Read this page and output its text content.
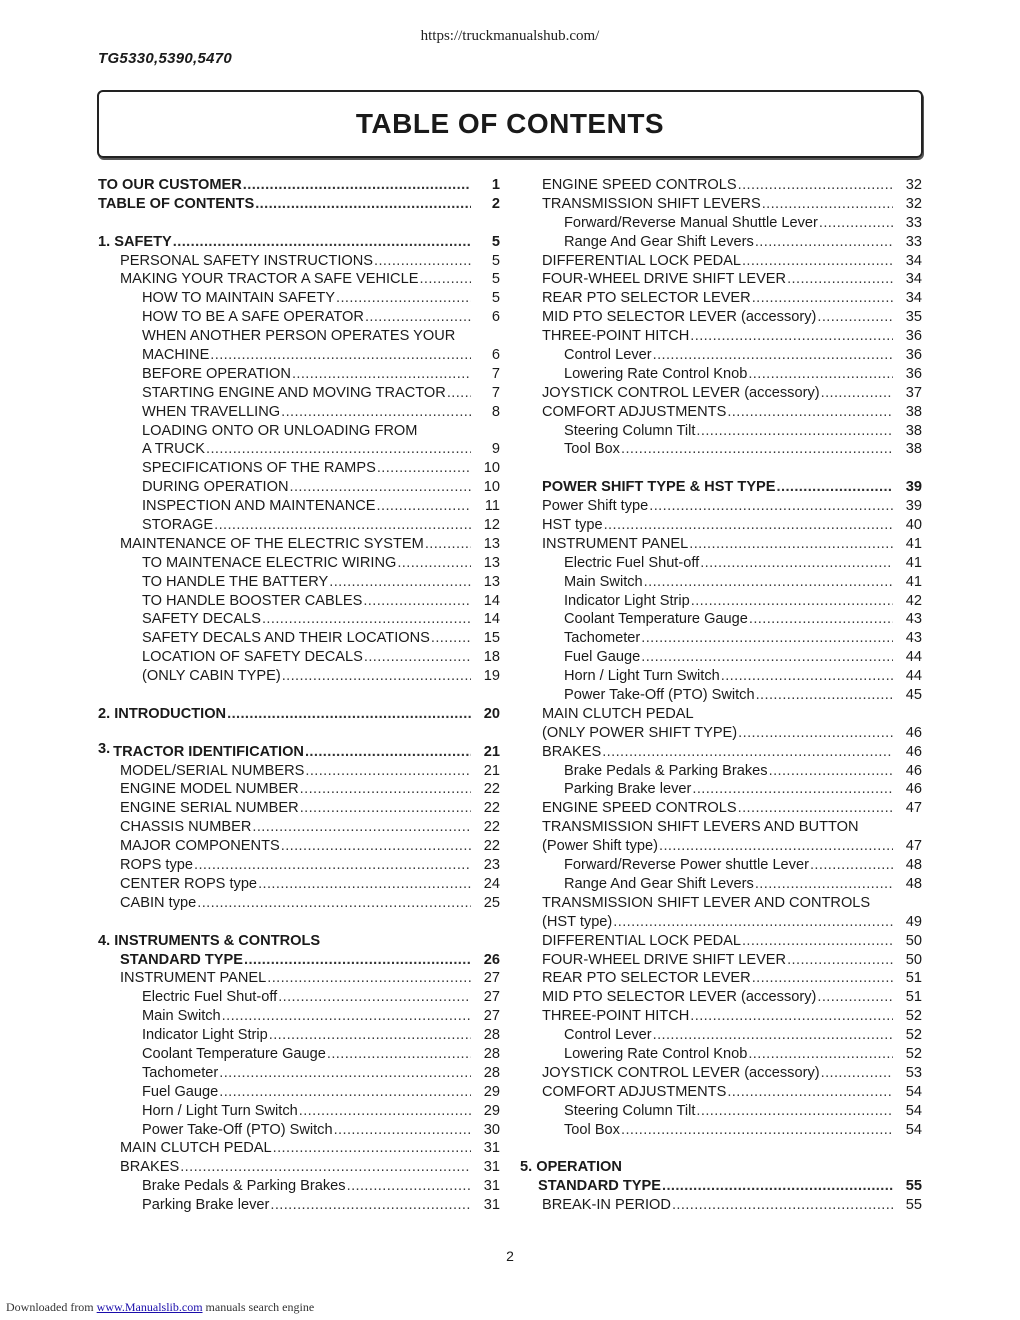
https://truckmanualshub.com/
TG5330,5390,5470
TABLE OF CONTENTS
TO OUR CUSTOMER .....	1
TABLE OF CONTENTS .....	2
1. SAFETY .....	5
PERSONAL SAFETY INSTRUCTIONS .....	5
MAKING YOUR TRACTOR A SAFE VEHICLE .....	5
HOW TO MAINTAIN SAFETY .....	5
HOW TO BE A SAFE OPERATOR .....	6
WHEN ANOTHER PERSON OPERATES YOUR
MACHINE .....	6
BEFORE OPERATION .....	7
STARTING ENGINE AND MOVING TRACTOR .....	7
WHEN TRAVELLING .....	8
LOADING ONTO OR UNLOADING FROM
A TRUCK .....	9
SPECIFICATIONS OF THE RAMPS .....	10
DURING OPERATION .....	10
INSPECTION AND MAINTENANCE .....	11
STORAGE .....	12
MAINTENANCE OF THE ELECTRIC SYSTEM .....	13
TO MAINTENACE ELECTRIC WIRING .....	13
TO HANDLE THE BATTERY .....	13
TO HANDLE BOOSTER CABLES .....	14
SAFETY DECALS .....	14
SAFETY DECALS AND THEIR LOCATIONS .....	15
LOCATION OF SAFETY DECALS .....	18
(ONLY CABIN TYPE) .....	19
2. INTRODUCTION .....	20
3. TRACTOR IDENTIFICATION .....	21
MODEL/SERIAL NUMBERS .....	21
ENGINE MODEL NUMBER .....	22
ENGINE SERIAL NUMBER .....	22
CHASSIS NUMBER .....	22
MAJOR COMPONENTS .....	22
ROPS type .....	23
CENTER ROPS type .....	24
CABIN type .....	25
4. INSTRUMENTS & CONTROLS
STANDARD TYPE .....	26
INSTRUMENT PANEL .....	27
Electric Fuel Shut-off .....	27
Main Switch .....	27
Indicator Light Strip .....	28
Coolant Temperature Gauge .....	28
Tachometer .....	28
Fuel Gauge .....	29
Horn / Light Turn Switch .....	29
Power Take-Off (PTO) Switch .....	30
MAIN CLUTCH PEDAL .....	31
BRAKES .....	31
Brake Pedals & Parking Brakes .....	31
Parking Brake lever .....	31
ENGINE SPEED CONTROLS .....	32
TRANSMISSION SHIFT LEVERS .....	32
Forward/Reverse Manual Shuttle Lever .....	33
Range And Gear Shift Levers .....	33
DIFFERENTIAL LOCK PEDAL .....	34
FOUR-WHEEL DRIVE SHIFT LEVER .....	34
REAR PTO SELECTOR LEVER .....	34
MID PTO SELECTOR LEVER (accessory) .....	35
THREE-POINT HITCH .....	36
Control Lever .....	36
Lowering Rate Control Knob .....	36
JOYSTICK CONTROL LEVER (accessory) .....	37
COMFORT ADJUSTMENTS .....	38
Steering Column Tilt .....	38
Tool Box .....	38
POWER SHIFT TYPE & HST TYPE .....	39
Power Shift type .....	39
HST type .....	40
INSTRUMENT PANEL .....	41
Electric Fuel Shut-off .....	41
Main Switch .....	41
Indicator Light Strip .....	42
Coolant Temperature Gauge .....	43
Tachometer .....	43
Fuel Gauge .....	44
Horn / Light Turn Switch .....	44
Power Take-Off (PTO) Switch .....	45
MAIN CLUTCH PEDAL
(ONLY POWER SHIFT TYPE) .....	46
BRAKES .....	46
Brake Pedals & Parking Brakes .....	46
Parking Brake lever .....	46
ENGINE SPEED CONTROLS .....	47
TRANSMISSION SHIFT LEVERS AND BUTTON
(Power Shift type) .....	47
Forward/Reverse Power shuttle Lever .....	48
Range And Gear Shift Levers .....	48
TRANSMISSION SHIFT LEVER AND CONTROLS
(HST type) .....	49
DIFFERENTIAL LOCK PEDAL .....	50
FOUR-WHEEL DRIVE SHIFT LEVER .....	50
REAR PTO SELECTOR LEVER .....	51
MID PTO SELECTOR LEVER (accessory) .....	51
THREE-POINT HITCH .....	52
Control Lever .....	52
Lowering Rate Control Knob .....	52
JOYSTICK CONTROL LEVER (accessory) .....	53
COMFORT ADJUSTMENTS .....	54
Steering Column Tilt .....	54
Tool Box .....	54
5. OPERATION
STANDARD TYPE .....	55
BREAK-IN PERIOD .....	55
2
Downloaded from www.Manualslib.com manuals search engine
